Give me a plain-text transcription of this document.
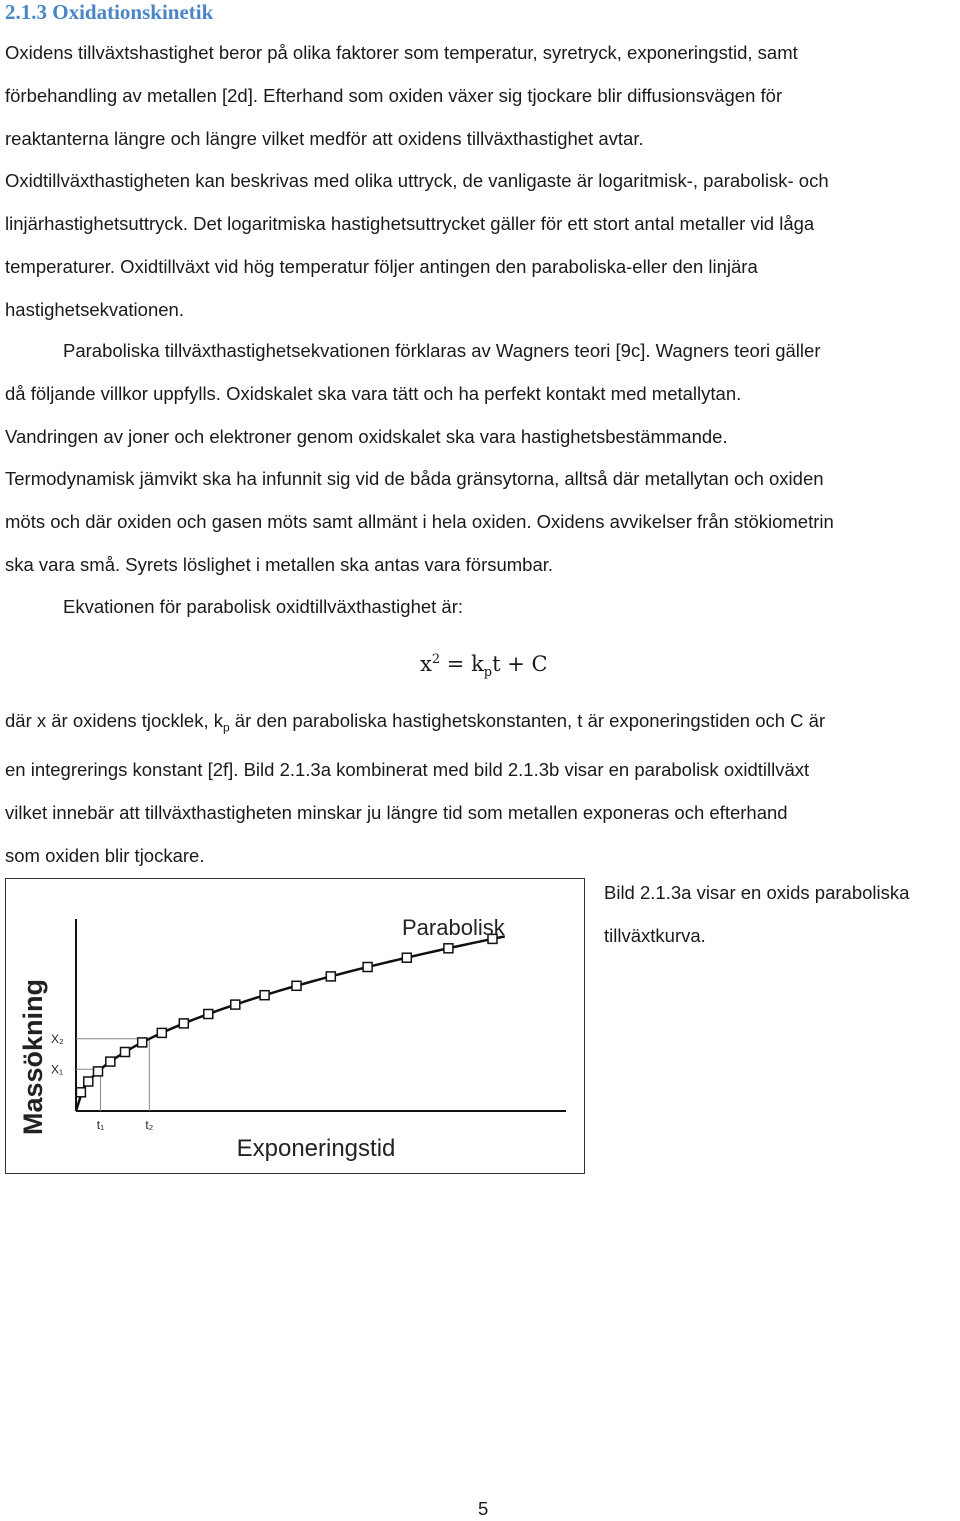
2.1.3 Oxidationskinetik

Oxidens tillväxtshastighet beror på olika faktorer som temperatur, syretryck, exponeringstid, samt
förbehandling av metallen [2d]. Efterhand som oxiden växer sig tjockare blir diffusionsvägen för
reaktanterna längre och längre vilket medför att oxidens tillväxthastighet avtar.
Oxidtillväxthastigheten kan beskrivas med olika uttryck, de vanligaste är logaritmisk-, parabolisk- och
linjärhastighetsuttryck. Det logaritmiska hastighetsuttrycket gäller för ett stort antal metaller vid låga
temperaturer. Oxidtillväxt vid hög temperatur följer antingen den paraboliska-eller den linjära
hastighetsekvationen.

Paraboliska tillväxthastighetsekvationen förklaras av Wagners teori [9c]. Wagners teori gäller
då följande villkor uppfylls. Oxidskalet ska vara tätt och ha perfekt kontakt med metallytan.
Vandringen av joner och elektroner genom oxidskalet ska vara hastighetsbestämmande.
Termodynamisk jämvikt ska ha infunnit sig vid de båda gränsytorna, alltså där metallytan och oxiden
möts och där oxiden och gasen möts samt allmänt i hela oxiden. Oxidens avvikelser från stökiometrin
ska vara små. Syrets löslighet i metallen ska antas vara försumbar.

Ekvationen för parabolisk oxidtillväxthastighet är:

$x^2 = k_pt + C$

där x är oxidens tjocklek, $k_p$ är den paraboliska hastighetskonstanten, t är exponeringstiden och C är
en integrerings konstant [2f]. Bild 2.1.3a kombinerat med bild 2.1.3b visar en parabolisk oxidtillväxt
vilket innebär att tillväxthastigheten minskar ju längre tid som metallen exponeras och efterhand
som oxiden blir tjockare.

Massökning X₁
X₂
t₁	t₂
Parabolisk
Exponeringstid

Bild 2.1.3a visar en oxids paraboliska
tillväxtkurva.

5
